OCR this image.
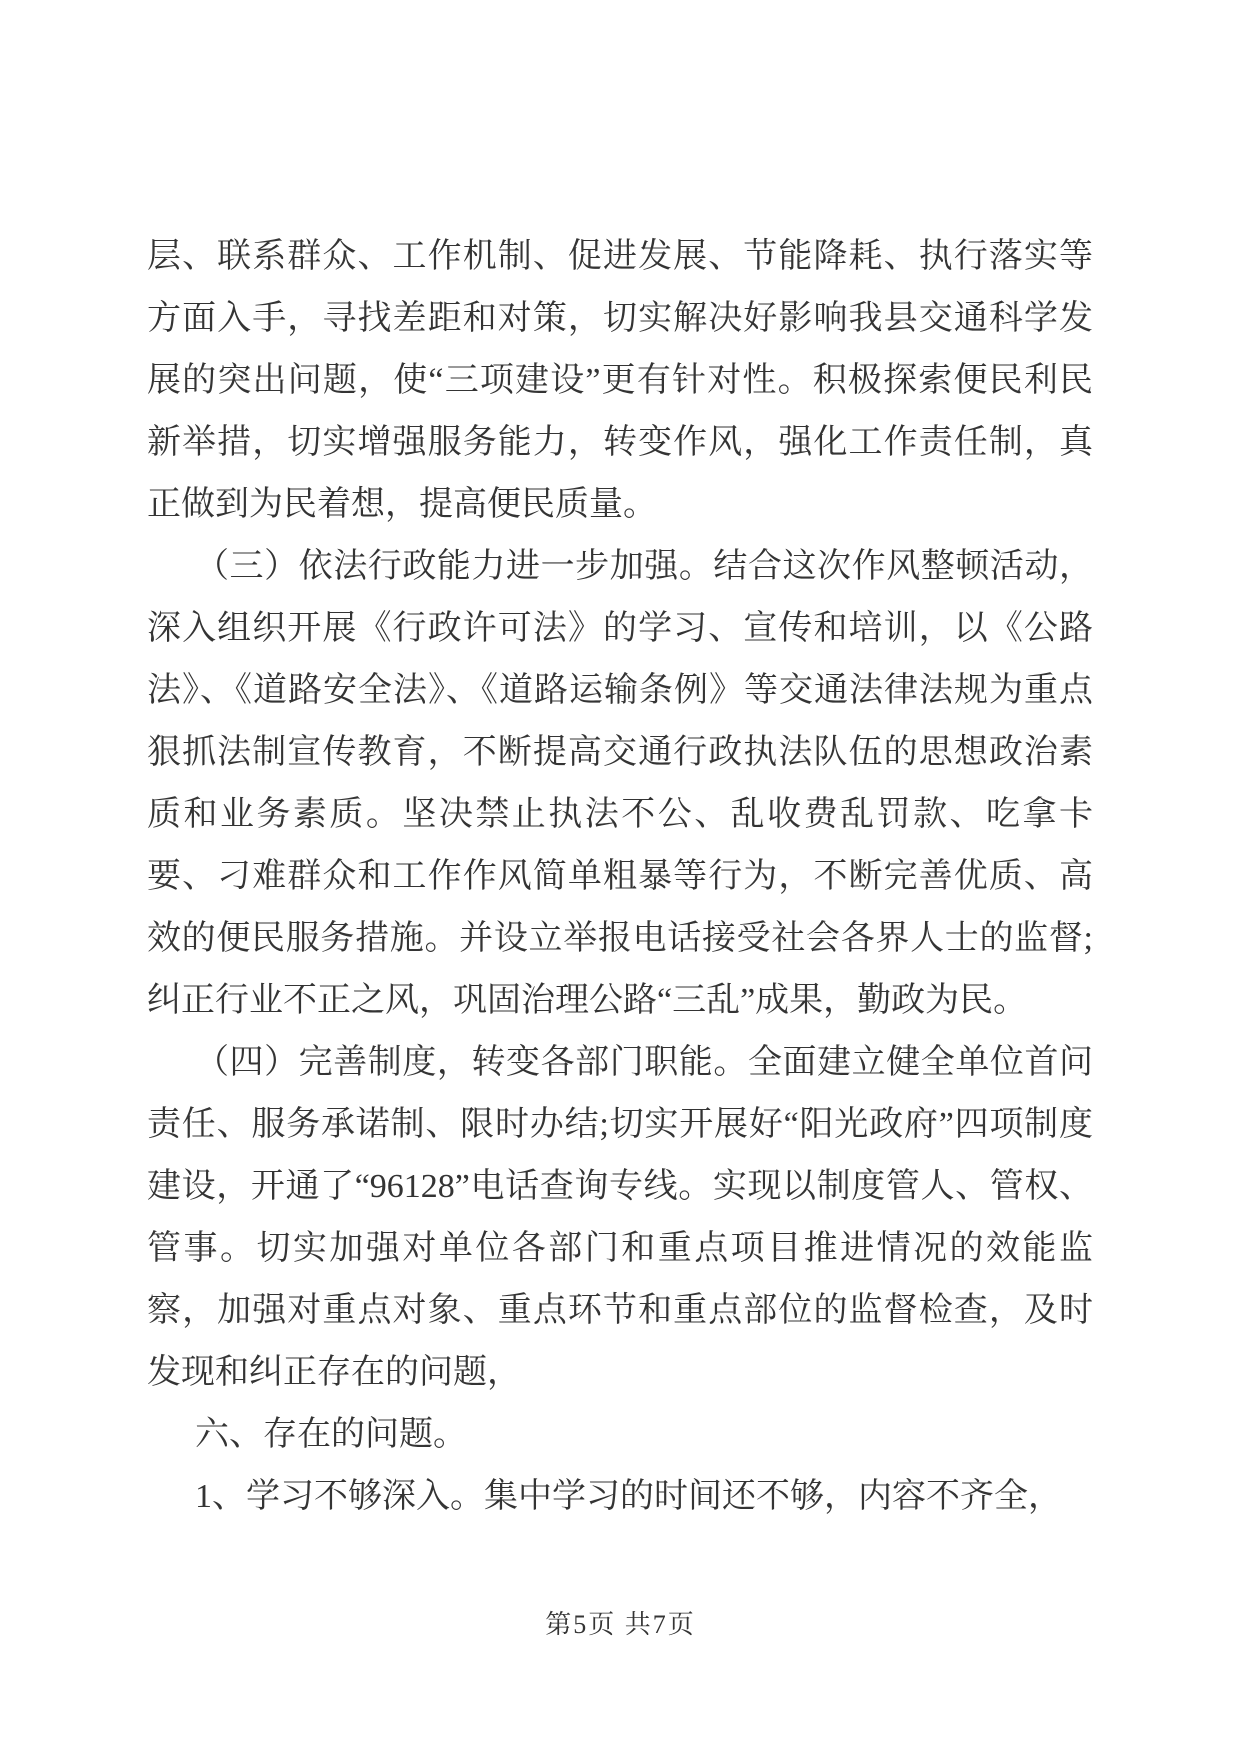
层、联系群众、工作机制、促进发展、节能降耗、执行落实等方面入手，寻找差距和对策，切实解决好影响我县交通科学发展的突出问题，使“三项建设”更有针对性。积极探索便民利民新举措，切实增强服务能力，转变作风，强化工作责任制，真正做到为民着想，提高便民质量。

（三）依法行政能力进一步加强。结合这次作风整顿活动，深入组织开展《行政许可法》的学习、宣传和培训，以《公路法》、《道路安全法》、《道路运输条例》等交通法律法规为重点狠抓法制宣传教育，不断提高交通行政执法队伍的思想政治素质和业务素质。坚决禁止执法不公、乱收费乱罚款、吃拿卡要、刁难群众和工作作风简单粗暴等行为，不断完善优质、高效的便民服务措施。并设立举报电话接受社会各界人士的监督;纠正行业不正之风，巩固治理公路“三乱”成果，勤政为民。

（四）完善制度，转变各部门职能。全面建立健全单位首问责任、服务承诺制、限时办结;切实开展好“阳光政府”四项制度建设，开通了“96128”电话查询专线。实现以制度管人、管权、管事。切实加强对单位各部门和重点项目推进情况的效能监察，加强对重点对象、重点环节和重点部位的监督检查，及时发现和纠正存在的问题，

六、存在的问题。

1、学习不够深入。集中学习的时间还不够，内容不齐全，

第5页 共7页
